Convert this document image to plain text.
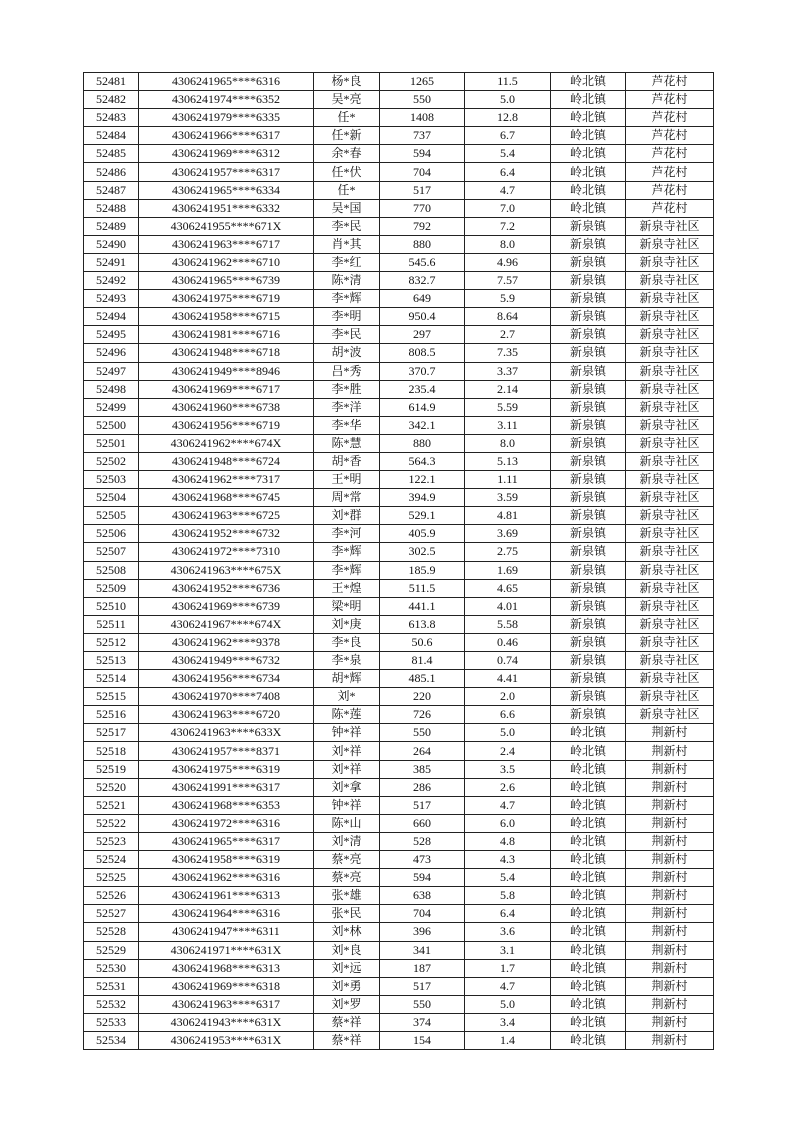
52481	4306241965****6316	杨*良	1265	11.5	岭北镇	芦花村
52482	4306241974****6352	吴*亮	550	5.0	岭北镇	芦花村
52483	4306241979****6335	任*	1408	12.8	岭北镇	芦花村
52484	4306241966****6317	任*新	737	6.7	岭北镇	芦花村
52485	4306241969****6312	余*春	594	5.4	岭北镇	芦花村
52486	4306241957****6317	任*伏	704	6.4	岭北镇	芦花村
52487	4306241965****6334	任*	517	4.7	岭北镇	芦花村
52488	4306241951****6332	吴*国	770	7.0	岭北镇	芦花村
52489	4306241955****671X	李*民	792	7.2	新泉镇	新泉寺社区
52490	4306241963****6717	肖*其	880	8.0	新泉镇	新泉寺社区
52491	4306241962****6710	李*红	545.6	4.96	新泉镇	新泉寺社区
52492	4306241965****6739	陈*清	832.7	7.57	新泉镇	新泉寺社区
52493	4306241975****6719	李*辉	649	5.9	新泉镇	新泉寺社区
52494	4306241958****6715	李*明	950.4	8.64	新泉镇	新泉寺社区
52495	4306241981****6716	李*民	297	2.7	新泉镇	新泉寺社区
52496	4306241948****6718	胡*波	808.5	7.35	新泉镇	新泉寺社区
52497	4306241949****8946	吕*秀	370.7	3.37	新泉镇	新泉寺社区
52498	4306241969****6717	李*胜	235.4	2.14	新泉镇	新泉寺社区
52499	4306241960****6738	李*洋	614.9	5.59	新泉镇	新泉寺社区
52500	4306241956****6719	李*华	342.1	3.11	新泉镇	新泉寺社区
52501	4306241962****674X	陈*慧	880	8.0	新泉镇	新泉寺社区
52502	4306241948****6724	胡*香	564.3	5.13	新泉镇	新泉寺社区
52503	4306241962****7317	王*明	122.1	1.11	新泉镇	新泉寺社区
52504	4306241968****6745	周*常	394.9	3.59	新泉镇	新泉寺社区
52505	4306241963****6725	刘*群	529.1	4.81	新泉镇	新泉寺社区
52506	4306241952****6732	李*河	405.9	3.69	新泉镇	新泉寺社区
52507	4306241972****7310	李*辉	302.5	2.75	新泉镇	新泉寺社区
52508	4306241963****675X	李*辉	185.9	1.69	新泉镇	新泉寺社区
52509	4306241952****6736	王*煌	511.5	4.65	新泉镇	新泉寺社区
52510	4306241969****6739	梁*明	441.1	4.01	新泉镇	新泉寺社区
52511	4306241967****674X	刘*庚	613.8	5.58	新泉镇	新泉寺社区
52512	4306241962****9378	李*良	50.6	0.46	新泉镇	新泉寺社区
52513	4306241949****6732	李*泉	81.4	0.74	新泉镇	新泉寺社区
52514	4306241956****6734	胡*辉	485.1	4.41	新泉镇	新泉寺社区
52515	4306241970****7408	刘*	220	2.0	新泉镇	新泉寺社区
52516	4306241963****6720	陈*莲	726	6.6	新泉镇	新泉寺社区
52517	4306241963****633X	钟*祥	550	5.0	岭北镇	荆新村
52518	4306241957****8371	刘*祥	264	2.4	岭北镇	荆新村
52519	4306241975****6319	刘*祥	385	3.5	岭北镇	荆新村
52520	4306241991****6317	刘*拿	286	2.6	岭北镇	荆新村
52521	4306241968****6353	钟*祥	517	4.7	岭北镇	荆新村
52522	4306241972****6316	陈*山	660	6.0	岭北镇	荆新村
52523	4306241965****6317	刘*清	528	4.8	岭北镇	荆新村
52524	4306241958****6319	蔡*亮	473	4.3	岭北镇	荆新村
52525	4306241962****6316	蔡*亮	594	5.4	岭北镇	荆新村
52526	4306241961****6313	张*雄	638	5.8	岭北镇	荆新村
52527	4306241964****6316	张*民	704	6.4	岭北镇	荆新村
52528	4306241947****6311	刘*林	396	3.6	岭北镇	荆新村
52529	4306241971****631X	刘*良	341	3.1	岭北镇	荆新村
52530	4306241968****6313	刘*远	187	1.7	岭北镇	荆新村
52531	4306241969****6318	刘*勇	517	4.7	岭北镇	荆新村
52532	4306241963****6317	刘*罗	550	5.0	岭北镇	荆新村
52533	4306241943****631X	蔡*祥	374	3.4	岭北镇	荆新村
52534	4306241953****631X	蔡*祥	154	1.4	岭北镇	荆新村
